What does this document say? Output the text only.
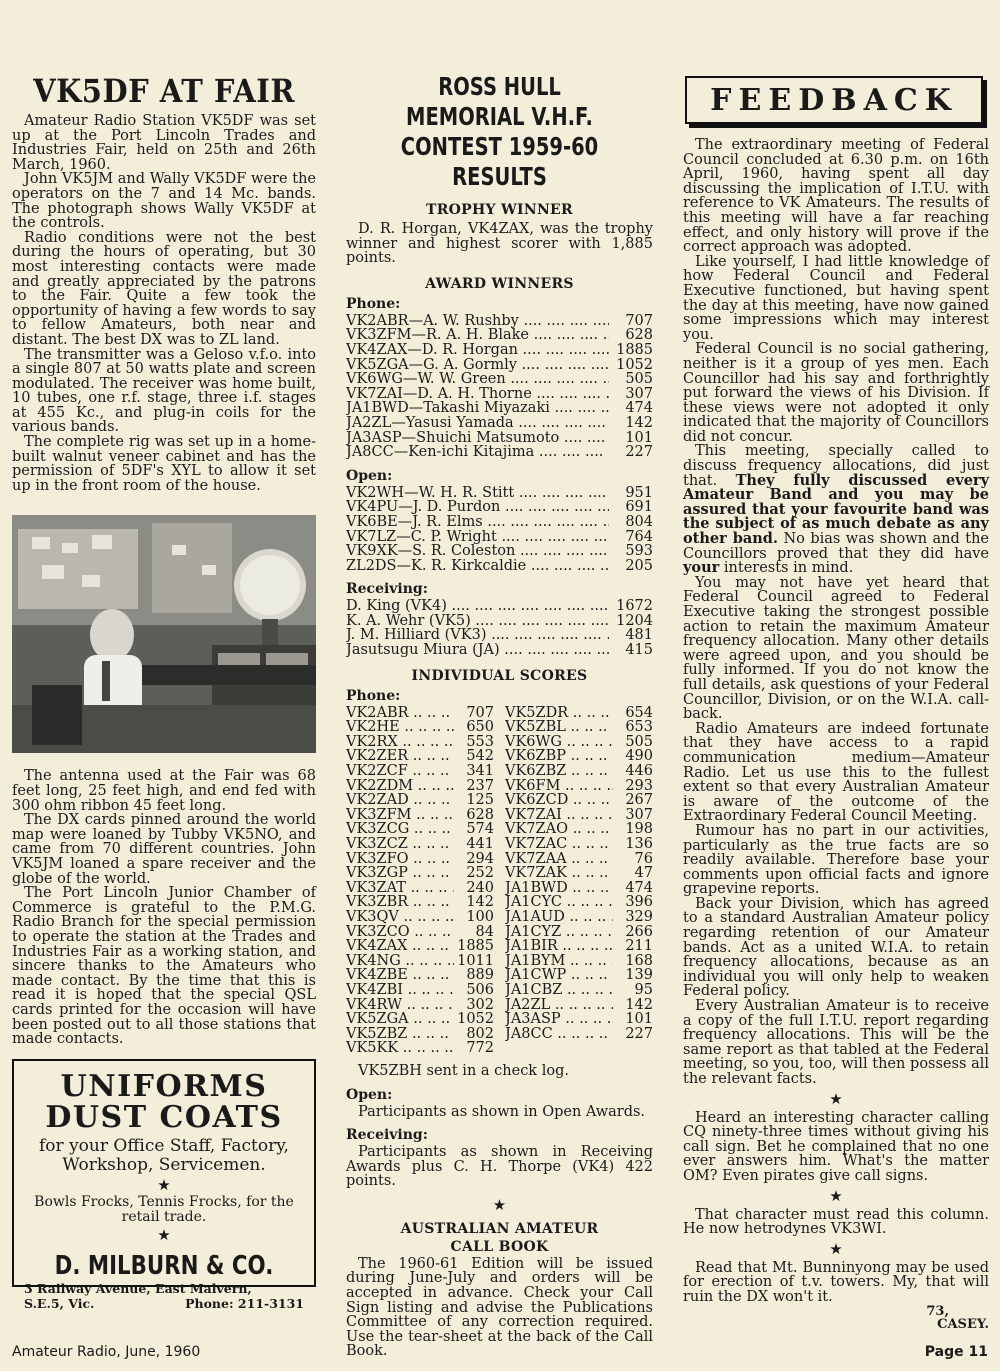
VK5DF AT FAIR

Amateur Radio Station VK5DF was set up at the Port Lincoln Trades and Industries Fair, held on 25th and 26th March, 1960.

John VK5JM and Wally VK5DF were the operators on the 7 and 14 Mc. bands. The photograph shows Wally VK5DF at the controls.

Radio conditions were not the best during the hours of operating, but 30 most interesting contacts were made and greatly appreciated by the patrons to the Fair. Quite a few took the opportunity of having a few words to say to fellow Amateurs, both near and distant. The best DX was to ZL land.

The transmitter was a Geloso v.f.o. into a single 807 at 50 watts plate and screen modulated. The receiver was home built, 10 tubes, one r.f. stage, three i.f. stages at 455 Kc., and plug-in coils for the various bands.

The complete rig was set up in a home-built walnut veneer cabinet and has the permission of 5DF's XYL to allow it set up in the front room of the house.

The antenna used at the Fair was 68 feet long, 25 feet high, and end fed with 300 ohm ribbon 45 feet long.

The DX cards pinned around the world map were loaned by Tubby VK5NO, and came from 70 different countries. John VK5JM loaned a spare receiver and the globe of the world.

The Port Lincoln Junior Chamber of Commerce is grateful to the P.M.G. Radio Branch for the special permission to operate the station at the Trades and Industries Fair as a working station, and sincere thanks to the Amateurs who made contact. By the time that this is read it is hoped that the special QSL cards printed for the occasion will have been posted out to all those stations that made contacts.

UNIFORMS
DUST COATS
for your Office Staff, Factory, Workshop, Servicemen.
★
Bowls Frocks, Tennis Frocks, for the retail trade.
★
D. MILBURN & CO.
3 Railway Avenue, East Malvern,
S.E.5, Vic.	Phone: 211-3131
ROSS HULL MEMORIAL V.H.F.
CONTEST 1959-60 RESULTS
TROPHY WINNER

D. R. Horgan, VK4ZAX, was the trophy winner and highest scorer with 1,885 points.

AWARD WINNERS
Phone:
VK2ABR—A. W. Rushby ....	707
VK3ZFM—R. A. H. Blake ....	628
VK4ZAX—D. R. Horgan ....	1885
VK5ZGA—G. A. Gormly ....	1052
VK6WG—W. W. Green ....	505
VK7ZAI—D. A. H. Thorne ....	307
JA1BWD—Takashi Miyazaki ....	474
JA2ZL—Yasusi Yamada ....	142
JA3ASP—Shuichi Matsumoto ....	101
JA8CC—Ken-ichi Kitajima ....	227
Open:
VK2WH—W. H. R. Stitt ....	951
VK4PU—J. D. Purdon ....	691
VK6BE—J. R. Elms ....	804
VK7LZ—C. P. Wright ....	764
VK9XK—S. R. Coleston ....	593
ZL2DS—K. R. Kirkcaldie ....	205
Receiving:
D. King (VK4) ....	1672
K. A. Wehr (VK5) ....	1204
J. M. Hilliard (VK3) ....	481
Jasutsugu Miura (JA) ....	415
INDIVIDUAL SCORES
Phone:
VK2ABR .. ..	707
VK2HE .. ..	650
VK2RX .. ..	553
VK2ZER .. ..	542
VK2ZCF .. ..	341
VK2ZDM .. ..	237
VK2ZAD .. ..	125
VK3ZFM .. ..	628
VK3ZCG .. ..	574
VK3ZCZ .. ..	441
VK3ZFO .. ..	294
VK3ZGP .. ..	252
VK3ZAT .. ..	240
VK3ZBR .. ..	142
VK3QV .. ..	100
VK3ZCO .. ..	84
VK4ZAX .. ..	1885
VK4NG .. ..	1011
VK4ZBE .. ..	889
VK4ZBI .. ..	506
VK4RW .. ..	302
VK5ZGA .. ..	1052
VK5ZBZ .. ..	802
VK5KK .. ..	772
VK5ZDR .. ..	654
VK5ZBL .. ..	653
VK6WG .. ..	505
VK6ZBP .. ..	490
VK6ZBZ .. ..	446
VK6FM .. ..	293
VK6ZCD .. ..	267
VK7ZAI .. ..	307
VK7ZAO .. ..	198
VK7ZAC .. ..	136
VK7ZAA .. ..	76
VK7ZAK .. ..	47
JA1BWD .. ..	474
JA1CYC .. ..	396
JA1AUD .. ..	329
JA1CYZ .. ..	266
JA1BIR .. ..	211
JA1BYM .. ..	168
JA1CWP .. ..	139
JA1CBZ .. ..	95
JA2ZL .. ..	142
JA3ASP .. ..	101
JA8CC .. ..	227

VK5ZBH sent in a check log.

Open:

Participants as shown in Open Awards.

Receiving:

Participants as shown in Receiving Awards plus C. H. Thorpe (VK4) 422 points.

★
AUSTRALIAN AMATEUR
CALL BOOK

The 1960-61 Edition will be issued during June-July and orders will be accepted in advance. Check your Call Sign listing and advise the Publications Committee of any correction required. Use the tear-sheet at the back of the Call Book.

FEEDBACK

The extraordinary meeting of Federal Council concluded at 6.30 p.m. on 16th April, 1960, having spent all day discussing the implication of I.T.U. with reference to VK Amateurs. The results of this meeting will have a far reaching effect, and only history will prove if the correct approach was adopted.

Like yourself, I had little knowledge of how Federal Council and Federal Executive functioned, but having spent the day at this meeting, have now gained some impressions which may interest you.

Federal Council is no social gathering, neither is it a group of yes men. Each Councillor had his say and forthrightly put forward the views of his Division. If these views were not adopted it only indicated that the majority of Councillors did not concur.

This meeting, specially called to discuss frequency allocations, did just that. They fully discussed every Amateur Band and you may be assured that your favourite band was the subject of as much debate as any other band. No bias was shown and the Councillors proved that they did have your interests in mind.

You may not have yet heard that Federal Council agreed to Federal Executive taking the strongest possible action to retain the maximum Amateur frequency allocation. Many other details were agreed upon, and you should be fully informed. If you do not know the full details, ask questions of your Federal Councillor, Division, or on the W.I.A. call-back.

Radio Amateurs are indeed fortunate that they have access to a rapid communication medium—Amateur Radio. Let us use this to the fullest extent so that every Australian Amateur is aware of the outcome of the Extraordinary Federal Council Meeting.

Rumour has no part in our activities, particularly as the true facts are so readily available. Therefore base your comments upon official facts and ignore grapevine reports.

Back your Division, which has agreed to a standard Australian Amateur policy regarding retention of our Amateur bands. Act as a united W.I.A. to retain frequency allocations, because as an individual you will only help to weaken Federal policy.

Every Australian Amateur is to receive a copy of the full I.T.U. report regarding frequency allocations. This will be the same report as that tabled at the Federal meeting, so you, too, will then possess all the relevant facts.

★

Heard an interesting character calling CQ ninety-three times without giving his call sign. Bet he complained that no one ever answers him. What's the matter OM? Even pirates give call signs.

★

That character must read this column. He now hetrodynes VK3WI.

★

Read that Mt. Bunninyong may be used for erection of t.v. towers. My, that will ruin the DX won't it.

73,
CASEY.
Amateur Radio, June, 1960	Page 11
